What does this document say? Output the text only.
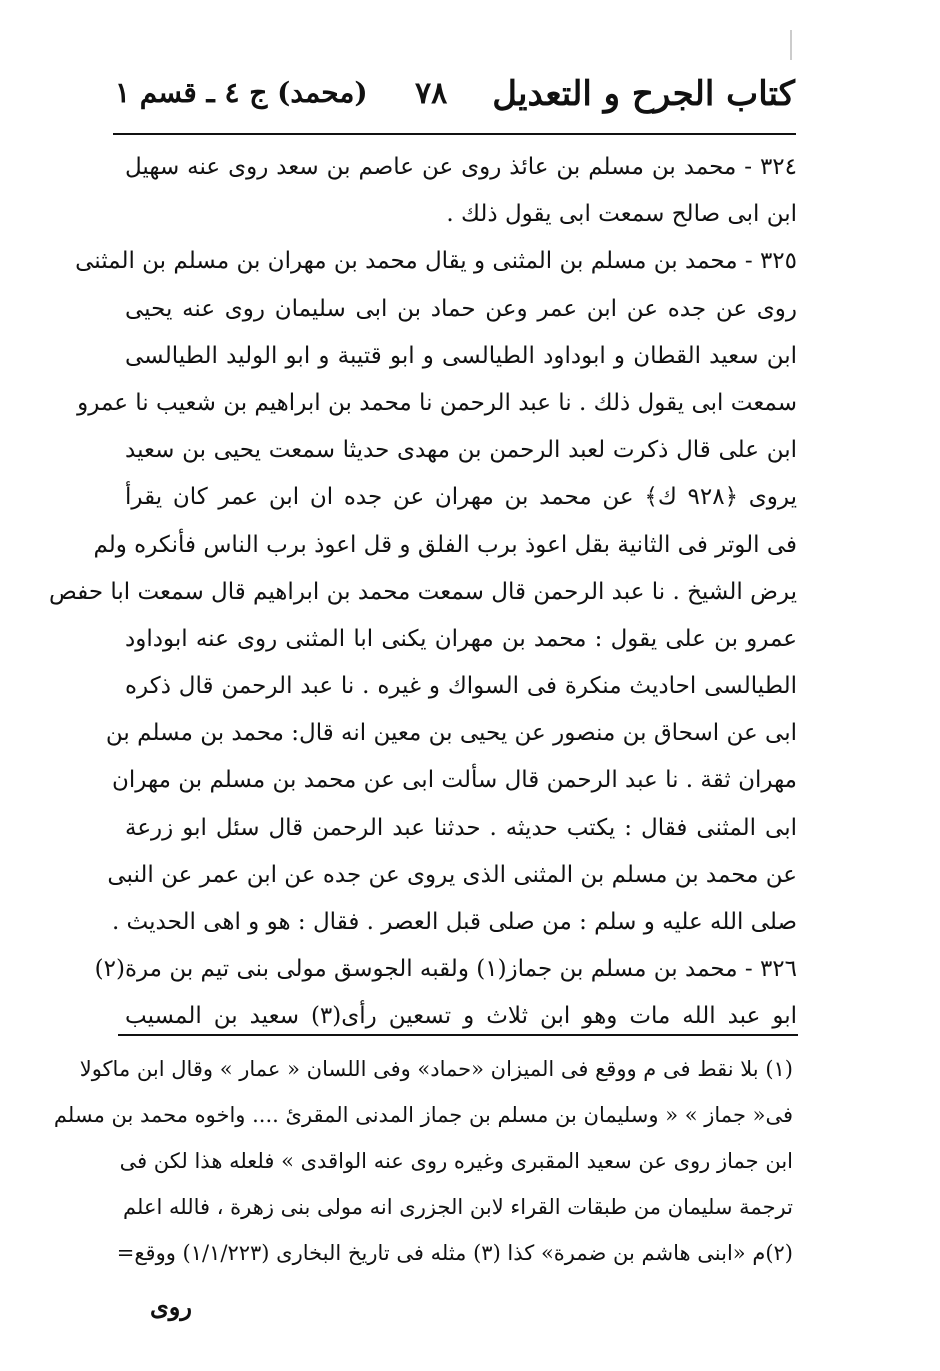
كتاب الجرح و التعديل
٧٨
(محمد) ج ٤ ـ قسم ١
٣٢٤ - محمد بن مسلم بن عائذ روى عن عاصم بن سعد روى عنه سهيل
ابن ابى صالح سمعت ابى يقول ذلك .
٣٢٥ - محمد بن مسلم بن المثنى و يقال محمد بن مهران بن مسلم بن المثنى
روى عن جده عن ابن عمر وعن حماد بن ابى سليمان روى عنه يحيى
ابن سعيد القطان و ابوداود الطيالسى و ابو قتيبة و ابو الوليد الطيالسى
سمعت ابى يقول ذلك . نا عبد الرحمن نا محمد بن ابراهيم بن شعيب نا عمرو
ابن على قال ذكرت لعبد الرحمن بن مهدى حديثا سمعت يحيى بن سعيد
يروى ﴿٩٢٨ ك﴾ عن محمد بن مهران عن جده ان ابن عمر كان يقرأ
فى الوتر فى الثانية بقل اعوذ برب الفلق و قل اعوذ برب الناس فأنكره ولم
يرض الشيخ . نا عبد الرحمن قال سمعت محمد بن ابراهيم قال سمعت ابا حفص
عمرو بن على يقول : محمد بن مهران يكنى ابا المثنى روى عنه ابوداود
الطيالسى احاديث منكرة فى السواك و غيره . نا عبد الرحمن قال ذكره
ابى عن اسحاق بن منصور عن يحيى بن معين انه قال: محمد بن مسلم بن
مهران ثقة . نا عبد الرحمن قال سألت ابى عن محمد بن مسلم بن مهران
ابى المثنى فقال : يكتب حديثه . حدثنا عبد الرحمن قال سئل ابو زرعة
عن محمد بن مسلم بن المثنى الذى يروى عن جده عن ابن عمر عن النبى
صلى الله عليه و سلم : من صلى قبل العصر . فقال : هو و اهى الحديث .
٣٢٦ - محمد بن مسلم بن جماز(١) ولقبه الجوسق مولى بنى تيم بن مرة(٢)
ابو عبد الله مات وهو ابن ثلاث و تسعين رأى(٣) سعيد بن المسيب
(١) بلا نقط فى م ووقع فى الميزان «حماد» وفى اللسان « عمار » وقال ابن ماكولا
فى« جماز » « وسليمان بن مسلم بن جماز المدنى المقرئ .... واخوه محمد بن مسلم
ابن جماز روى عن سعيد المقبرى وغيره روى عنه الواقدى » فلعله هذا لكن فى
ترجمة سليمان من طبقات القراء لابن الجزرى انه مولى بنى زهرة ، فالله اعلم
(٢)م «ابنى هاشم بن ضمرة» كذا (٣) مثله فى تاريخ البخارى (١/١/٢٢٣) ووقع=
روى
